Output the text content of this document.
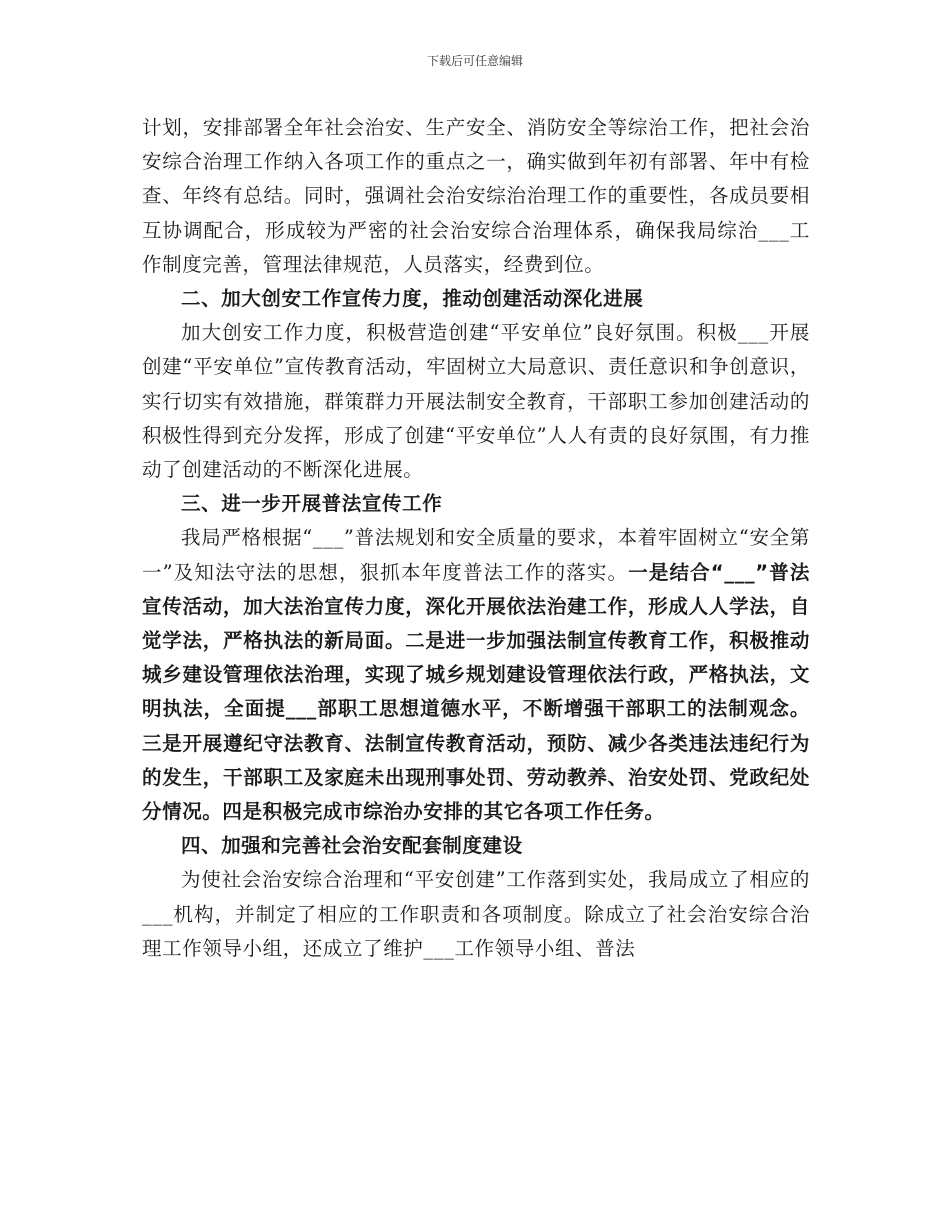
下载后可任意编辑

计划，安排部署全年社会治安、生产安全、消防安全等综治工作，把社会治安综合治理工作纳入各项工作的重点之一，确实做到年初有部署、年中有检查、年终有总结。同时，强调社会治安综治治理工作的重要性，各成员要相互协调配合，形成较为严密的社会治安综合治理体系，确保我局综治___工作制度完善，管理法律规范，人员落实，经费到位。

二、加大创安工作宣传力度，推动创建活动深化进展

加大创安工作力度，积极营造创建“平安单位”良好氛围。积极___开展创建“平安单位”宣传教育活动，牢固树立大局意识、责任意识和争创意识，实行切实有效措施，群策群力开展法制安全教育，干部职工参加创建活动的积极性得到充分发挥，形成了创建“平安单位”人人有责的良好氛围，有力推动了创建活动的不断深化进展。

三、进一步开展普法宣传工作

我局严格根据“___”普法规划和安全质量的要求，本着牢固树立“安全第一”及知法守法的思想，狠抓本年度普法工作的落实。一是结合“___”普法宣传活动，加大法治宣传力度，深化开展依法治建工作，形成人人学法，自觉学法，严格执法的新局面。二是进一步加强法制宣传教育工作，积极推动城乡建设管理依法治理，实现了城乡规划建设管理依法行政，严格执法，文明执法，全面提___部职工思想道德水平，不断增强干部职工的法制观念。三是开展遵纪守法教育、法制宣传教育活动，预防、减少各类违法违纪行为的发生，干部职工及家庭未出现刑事处罚、劳动教养、治安处罚、党政纪处分情况。四是积极完成市综治办安排的其它各项工作任务。

四、加强和完善社会治安配套制度建设

为使社会治安综合治理和“平安创建”工作落到实处，我局成立了相应的___机构，并制定了相应的工作职责和各项制度。除成立了社会治安综合治理工作领导小组，还成立了维护___工作领导小组、普法
